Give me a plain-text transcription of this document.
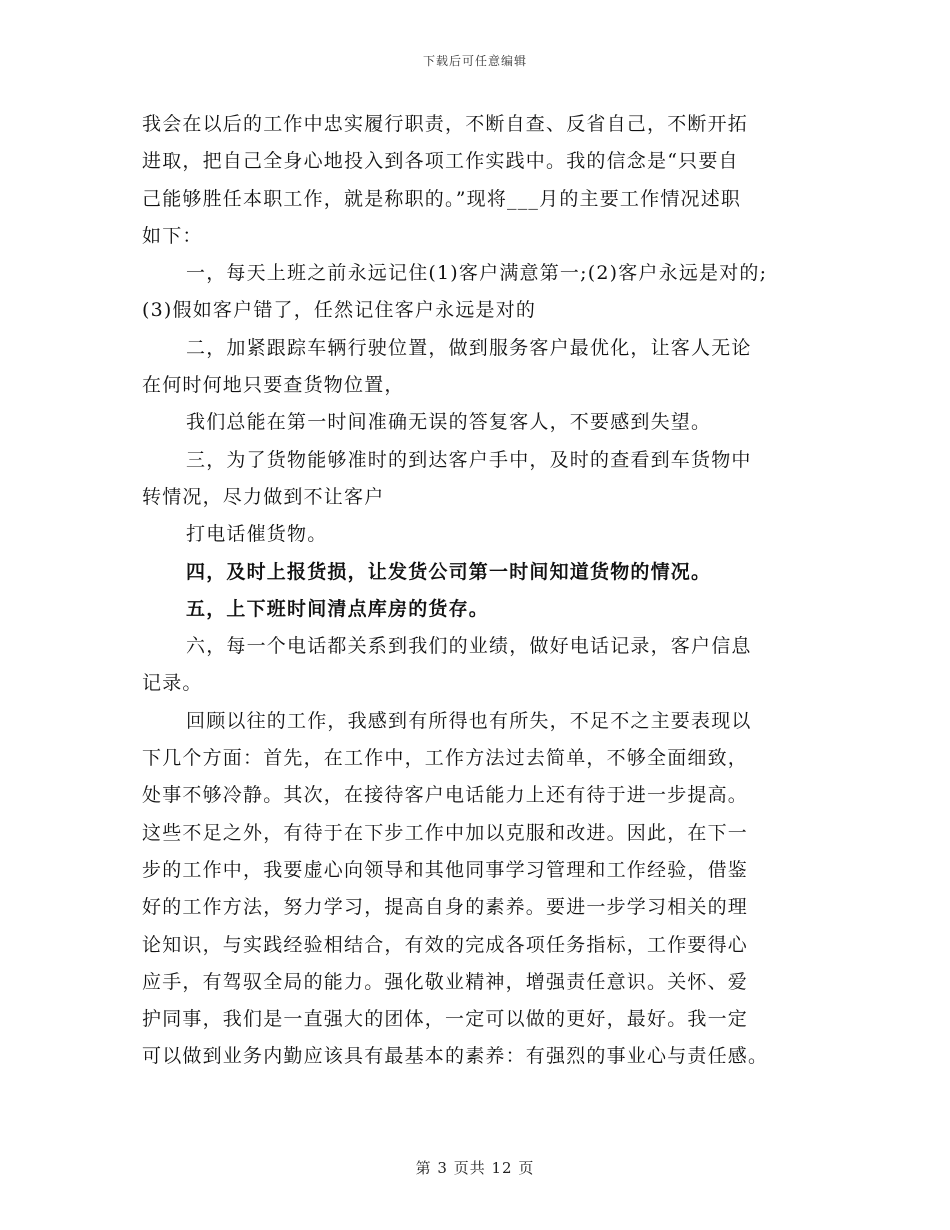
下载后可任意编辑
我会在以后的工作中忠实履行职责，不断自查、反省自己，不断开拓
进取，把自己全身心地投入到各项工作实践中。我的信念是“只要自
己能够胜任本职工作，就是称职的。”现将___月的主要工作情况述职
如下：
一，每天上班之前永远记住(1)客户满意第一;(2)客户永远是对的;
(3)假如客户错了，任然记住客户永远是对的
二，加紧跟踪车辆行驶位置，做到服务客户最优化，让客人无论
在何时何地只要查货物位置，
我们总能在第一时间准确无误的答复客人，不要感到失望。
三，为了货物能够准时的到达客户手中，及时的查看到车货物中
转情况，尽力做到不让客户
打电话催货物。
四，及时上报货损，让发货公司第一时间知道货物的情况。
五，上下班时间清点库房的货存。
六，每一个电话都关系到我们的业绩，做好电话记录，客户信息
记录。
回顾以往的工作，我感到有所得也有所失，不足不之主要表现以
下几个方面：首先，在工作中，工作方法过去简单，不够全面细致，
处事不够冷静。其次，在接待客户电话能力上还有待于进一步提高。
这些不足之外，有待于在下步工作中加以克服和改进。因此，在下一
步的工作中，我要虚心向领导和其他同事学习管理和工作经验，借鉴
好的工作方法，努力学习，提高自身的素养。要进一步学习相关的理
论知识，与实践经验相结合，有效的完成各项任务指标，工作要得心
应手，有驾驭全局的能力。强化敬业精神，增强责任意识。关怀、爱
护同事，我们是一直强大的团体，一定可以做的更好，最好。我一定
可以做到业务内勤应该具有最基本的素养：有强烈的事业心与责任感。
第 3 页共 12 页
